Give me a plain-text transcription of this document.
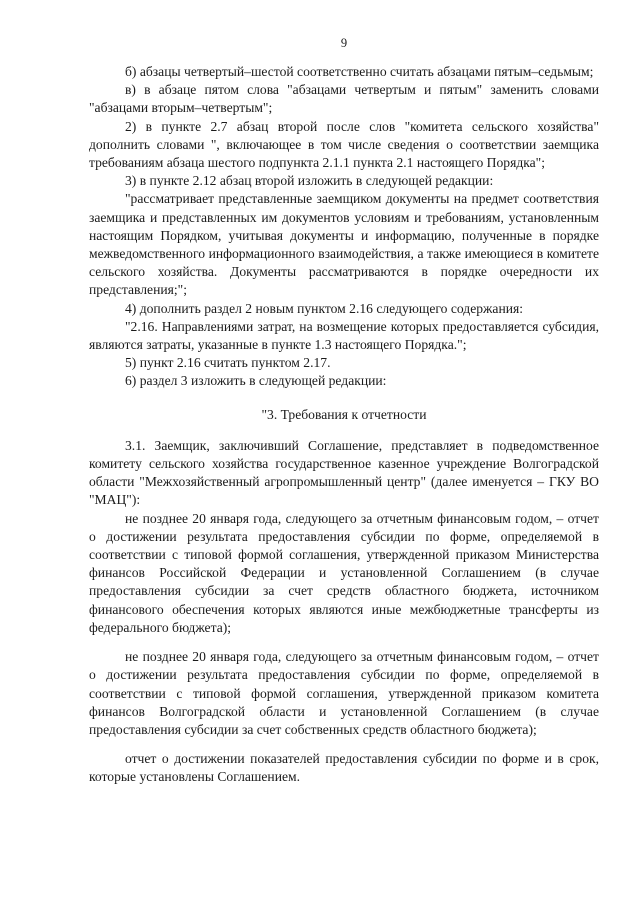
9

б) абзацы четвертый–шестой соответственно считать абзацами пятым–седьмым;

в) в абзаце пятом слова "абзацами четвертым и пятым" заменить словами "абзацами вторым–четвертым";

2) в пункте 2.7 абзац второй после слов "комитета сельского хозяйства" дополнить словами ", включающее в том числе сведения о соответствии заемщика требованиям абзаца шестого подпункта 2.1.1 пункта 2.1 настоящего Порядка";

3) в пункте 2.12 абзац второй изложить в следующей редакции:

"рассматривает представленные заемщиком документы на предмет соответствия заемщика и представленных им документов условиям и требованиям, установленным настоящим Порядком, учитывая документы и информацию, полученные в порядке межведомственного информационного взаимодействия, а также имеющиеся в комитете сельского хозяйства. Документы рассматриваются в порядке очередности их представления;";

4) дополнить раздел 2 новым пунктом 2.16 следующего содержания:

"2.16. Направлениями затрат, на возмещение которых предоставляется субсидия, являются затраты, указанные в пункте 1.3 настоящего Порядка.";

5) пункт 2.16 считать пунктом 2.17.

6) раздел 3 изложить в следующей редакции:

"3. Требования к отчетности

3.1. Заемщик, заключивший Соглашение, представляет в подведомственное комитету сельского хозяйства государственное казенное учреждение Волгоградской области "Межхозяйственный агропромышленный центр" (далее именуется – ГКУ ВО "МАЦ"):

не позднее 20 января года, следующего за отчетным финансовым годом, – отчет о достижении результата предоставления субсидии по форме, определяемой в соответствии с типовой формой соглашения, утвержденной приказом Министерства финансов Российской Федерации и установленной Соглашением (в случае предоставления субсидии за счет средств областного бюджета, источником финансового обеспечения которых являются иные межбюджетные трансферты из федерального бюджета);

не позднее 20 января года, следующего за отчетным финансовым годом, – отчет о достижении результата предоставления субсидии по форме, определяемой в соответствии с типовой формой соглашения, утвержденной приказом комитета финансов Волгоградской области и установленной Соглашением (в случае предоставления субсидии за счет собственных средств областного бюджета);

отчет о достижении показателей предоставления субсидии по форме и в срок, которые установлены Соглашением.
